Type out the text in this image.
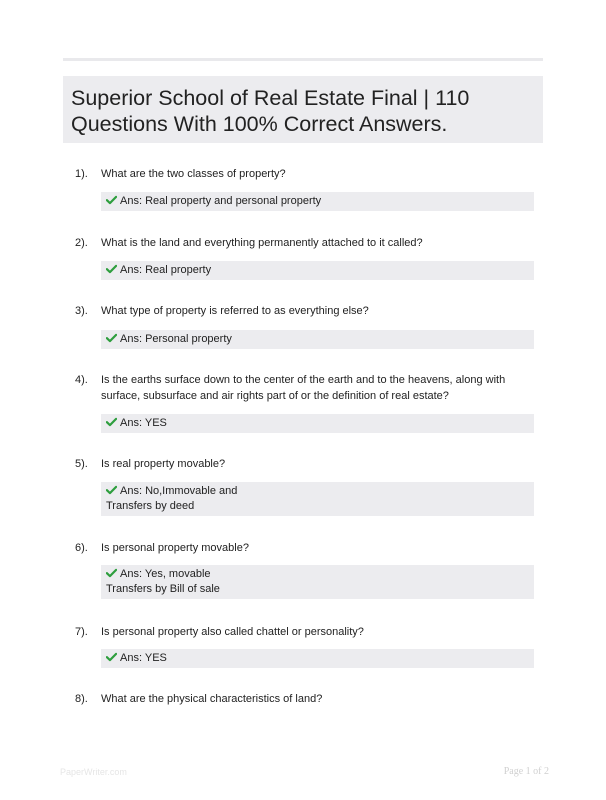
Superior School of Real Estate Final | 110 Questions With 100% Correct Answers.
1). What are the two classes of property?
Ans: Real property and personal property
2). What is the land and everything permanently attached to it called?
Ans: Real property
3). What type of property is referred to as everything else?
Ans: Personal property
4). Is the earths surface down to the center of the earth and to the heavens, along with surface, subsurface and air rights part of or the definition of real estate?
Ans: YES
5). Is real property movable?
Ans: No,Immovable and
Transfers by deed
6). Is personal property movable?
Ans: Yes, movable
Transfers by Bill of sale
7). Is personal property also called chattel or personality?
Ans: YES
8). What are the physical characteristics of land?
PaperWriter.com	Page 1 of 2
